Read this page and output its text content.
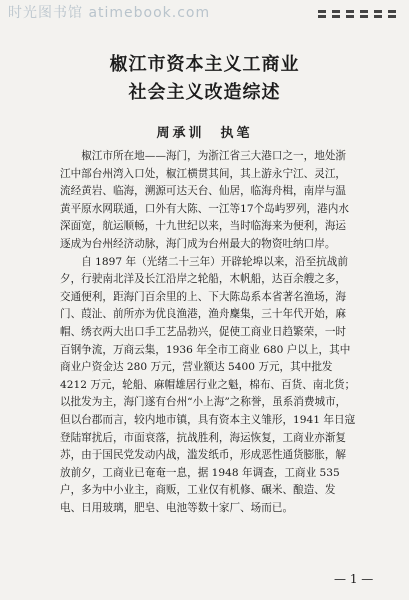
时光图书馆 atimebook.com	〓〓〓〓〓〓
椒江市资本主义工商业
社会主义改造综述
周承训　执笔

椒江市所在地——海门，为浙江省三大港口之一，地处浙江中部台州湾入口处，椒江横贯其间，其上游永宁江、灵江，流经黄岩、临海，溯源可达天台、仙居，临海舟楫，南岸与温黄平原水网联通，口外有大陈、一江等17个岛屿罗列，港内水深面宽，航运顺畅，十九世纪以来，当时临海来为便利，海运逐成为台州经济动脉，海门成为台州最大的物资吐纳口岸。

自 1897 年（光绪二十三年）开辟轮埠以来，沿至抗战前夕，行驶南北洋及长江沿岸之轮船，木帆船，达百余艘之多，交通便利，距海门百余里的上、下大陈岛系本省著名渔场，海门、葭沚、前所亦为优良渔港，渔舟麇集，三十年代开始，麻帽、绣衣两大出口手工艺品勃兴，促使工商业日趋繁荣，一时百钢争流，万商云集，1936 年全市工商业 680 户以上，其中商业户资金达 280 万元，营业额达 5400 万元，其中批发 4212 万元，轮船、麻帽雄居行业之魁，棉布、百货、南北货；以批发为主，海门遂有台州“小上海”之称誉，虽系消费城市，但以台郡而言，较内地市镇，具有资本主义雏形，1941 年日寇登陆窜扰后，市面衰落，抗战胜利，海运恢复，工商业亦渐复苏，由于国民党发动内战，滥发纸币，形成恶性通货膨胀，解放前夕，工商业已奄奄一息，据 1948 年调查，工商业 535 户，多为中小业主，商贩，工业仅有机修、碾米、酿造、发电、日用玻璃，肥皂、电池等数十家厂、场而已。

— 1 —
